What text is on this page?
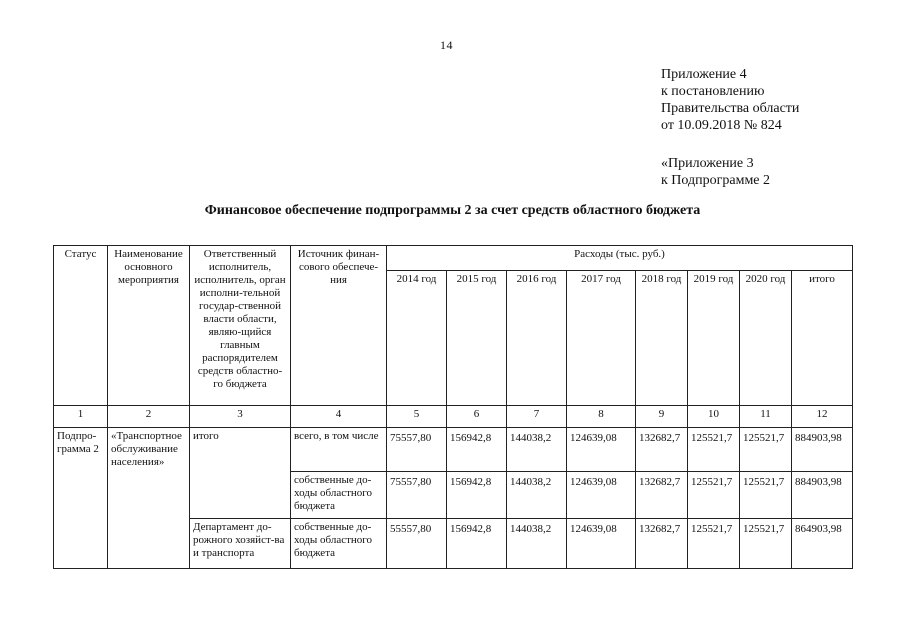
14
Приложение 4
к постановлению
Правительства области
от 10.09.2018 № 824
«Приложение 3
к Подпрограмме 2
Финансовое обеспечение подпрограммы 2 за счет средств областного бюджета
Статус	Наименование основного мероприятия	Ответственный исполнитель, исполнитель, орган исполни-тельной государ-ственной власти области, являю-щийся главным распорядителем средств областно-го бюджета	Источник финан-сового обеспече-ния	Расходы (тыс. руб.)							
				2014 год	2015 год	2016 год	2017 год	2018 год	2019 год	2020 год	итого
1	2	3	4	5	6	7	8	9	10	11	12
Подпро-грамма 2	«Транспортное обслуживание населения»	итого	всего, в том числе	75557,80	156942,8	144038,2	124639,08	132682,7	125521,7	125521,7	884903,98
			собственные до-ходы областного бюджета	75557,80	156942,8	144038,2	124639,08	132682,7	125521,7	125521,7	884903,98
		Департамент до-рожного хозяйст-ва и транспорта	собственные до-ходы областного бюджета	55557,80	156942,8	144038,2	124639,08	132682,7	125521,7	125521,7	864903,98
